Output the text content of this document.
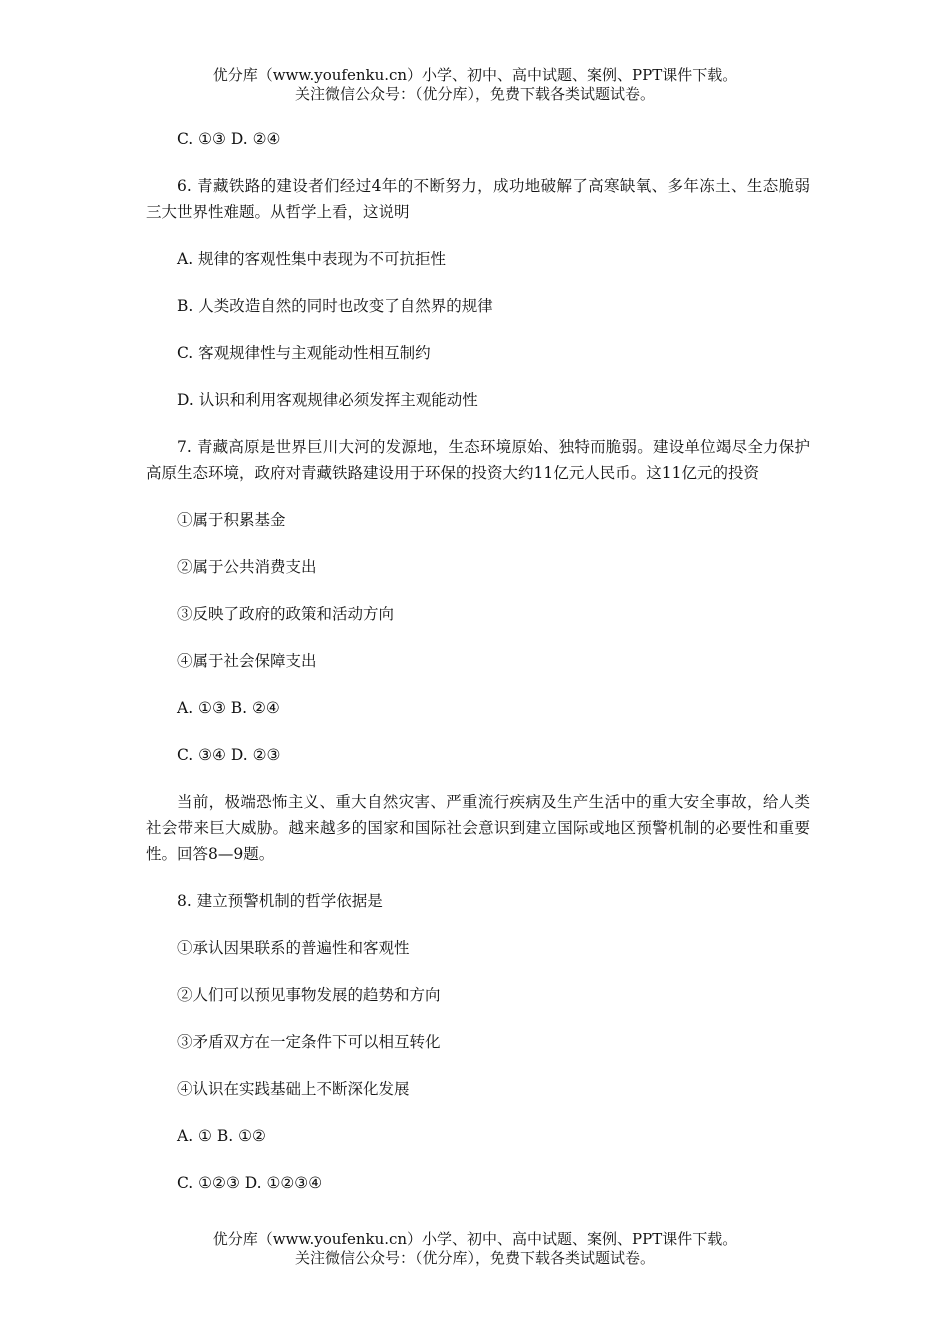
优分库（www.youfenku.cn）小学、初中、高中试题、案例、PPT课件下载。
关注微信公众号：（优分库），免费下载各类试题试卷。
C. ①③ D. ②④
6. 青藏铁路的建设者们经过4年的不断努力，成功地破解了高寒缺氧、多年冻土、生态脆弱三大世界性难题。从哲学上看，这说明
A. 规律的客观性集中表现为不可抗拒性
B. 人类改造自然的同时也改变了自然界的规律
C. 客观规律性与主观能动性相互制约
D. 认识和利用客观规律必须发挥主观能动性
7. 青藏高原是世界巨川大河的发源地，生态环境原始、独特而脆弱。建设单位竭尽全力保护高原生态环境，政府对青藏铁路建设用于环保的投资大约11亿元人民币。这11亿元的投资
①属于积累基金
②属于公共消费支出
③反映了政府的政策和活动方向
④属于社会保障支出
A. ①③ B. ②④
C. ③④ D. ②③
当前，极端恐怖主义、重大自然灾害、严重流行疾病及生产生活中的重大安全事故，给人类社会带来巨大威胁。越来越多的国家和国际社会意识到建立国际或地区预警机制的必要性和重要性。回答8—9题。
8. 建立预警机制的哲学依据是
①承认因果联系的普遍性和客观性
②人们可以预见事物发展的趋势和方向
③矛盾双方在一定条件下可以相互转化
④认识在实践基础上不断深化发展
A. ① B. ①②
C. ①②③ D. ①②③④
优分库（www.youfenku.cn）小学、初中、高中试题、案例、PPT课件下载。
关注微信公众号：（优分库），免费下载各类试题试卷。
